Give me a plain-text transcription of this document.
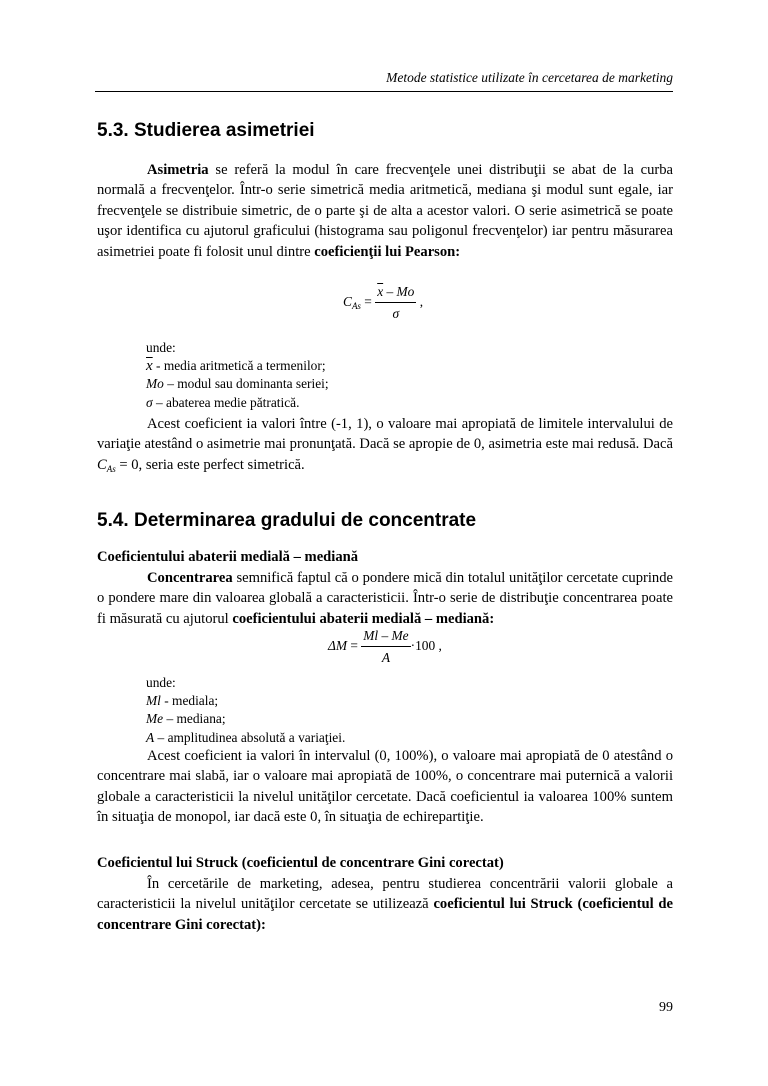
Metode statistice utilizate în cercetarea de marketing
5.3. Studierea asimetriei

Asimetria se referă la modul în care frecvenţele unei distribuţii se abat de la curba normală a frecvenţelor. Într-o serie simetrică media aritmetică, mediana şi modul sunt egale, iar frecvenţele se distribuie simetric, de o parte şi de alta a acestor valori. O serie asimetrică se poate uşor identifica cu ajutorul graficului (histograma sau poligonul frecvenţelor) iar pentru măsurarea asimetriei poate fi folosit unul dintre coeficienţii lui Pearson:

$C_{As} = \frac{\overline{x} - Mo}{\sigma}$ ,
unde:
$\overline{x}$ - media aritmetică a termenilor;
Mo – modul sau dominanta seriei;
σ – abaterea medie pătratică.

Acest coeficient ia valori între (-1, 1), o valoare mai apropiată de limitele intervalului de variaţie atestând o asimetrie mai pronunţată. Dacă se apropie de 0, asimetria este mai redusă. Dacă $C_{As} = 0$, seria este perfect simetrică.

5.4. Determinarea gradului de concentrate

Coeficientului abaterii medială – mediană

Concentrarea semnifică faptul că o pondere mică din totalul unităţilor cercetate cuprinde o pondere mare din valoarea globală a caracteristicii. Într-o serie de distribuţie concentrarea poate fi măsurată cu ajutorul coeficientului abaterii medială – mediană:

$\Delta M = \frac{Ml - Me}{A} \cdot 100$ ,
unde:
Ml - mediala;
Me – mediana;
A – amplitudinea absolută a variaţiei.

Acest coeficient ia valori în intervalul (0, 100%), o valoare mai apropiată de 0 atestând o concentrare mai slabă, iar o valoare mai apropiată de 100%, o concentrare mai puternică a valorii globale a caracteristicii la nivelul unităţilor cercetate. Dacă coeficientul ia valoarea 100% suntem în situaţia de monopol, iar dacă este 0, în situaţia de echirepartiţie.

Coeficientul lui Struck (coeficientul de concentrare Gini corectat)

În cercetările de marketing, adesea, pentru studierea concentrării valorii globale a caracteristicii la nivelul unităţilor cercetate se utilizează coeficientul lui Struck (coeficientul de concentrare Gini corectat):

99
